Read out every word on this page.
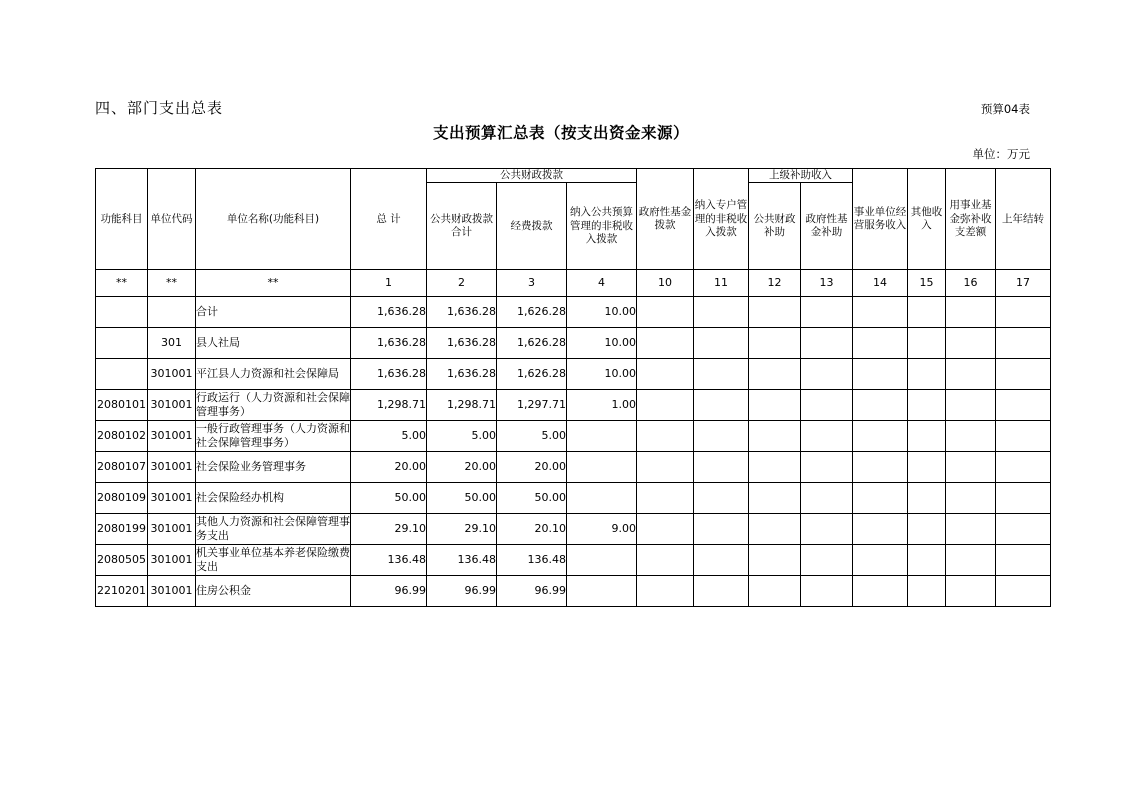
四、部门支出总表	预算04表
支出预算汇总表（按支出资金来源）
单位：万元
功能科目	单位代码	单位名称(功能科目)	总 计	公共财政拨款			政府性基金拨款	纳入专户管理的非税收入拨款	上级补助收入		事业单位经营服务收入	其他收入	用事业基金弥补收支差额	上年结转
				公共财政拨款合计	经费拨款	纳入公共预算管理的非税收入拨款			公共财政补助	政府性基金补助				
**	**	**	1	2	3	4	10	11	12	13	14	15	16	17
		合计	1,636.28	1,636.28	1,626.28	10.00								
	301	县人社局	1,636.28	1,636.28	1,626.28	10.00								
	301001	平江县人力资源和社会保障局	1,636.28	1,636.28	1,626.28	10.00								
2080101	301001	行政运行（人力资源和社会保障管理事务）	1,298.71	1,298.71	1,297.71	1.00								
2080102	301001	一般行政管理事务（人力资源和社会保障管理事务）	5.00	5.00	5.00									
2080107	301001	社会保险业务管理事务	20.00	20.00	20.00									
2080109	301001	社会保险经办机构	50.00	50.00	50.00									
2080199	301001	其他人力资源和社会保障管理事务支出	29.10	29.10	20.10	9.00								
2080505	301001	机关事业单位基本养老保险缴费支出	136.48	136.48	136.48									
2210201	301001	住房公积金	96.99	96.99	96.99									
